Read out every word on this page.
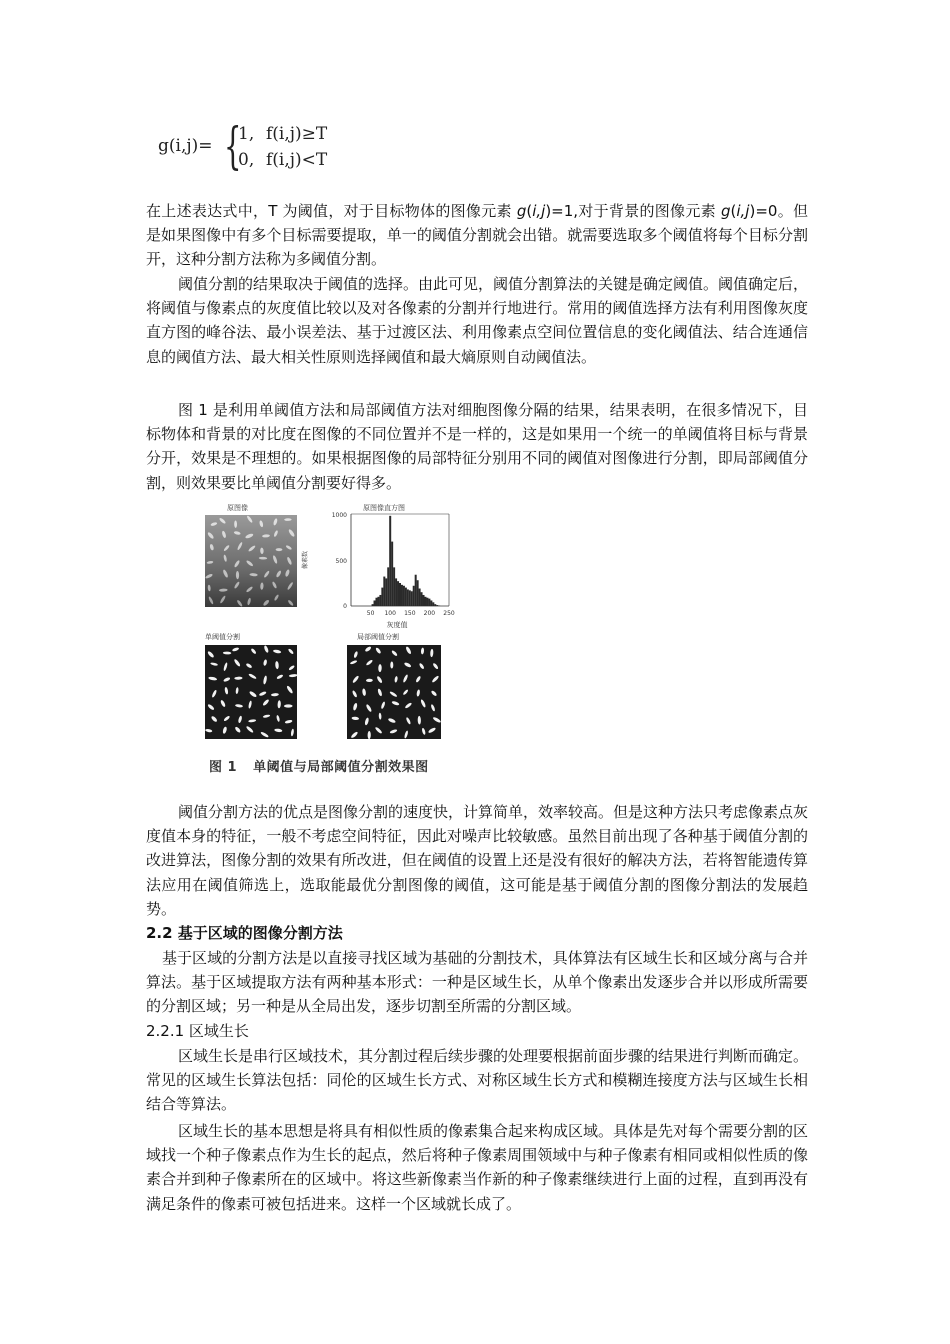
g(i,j)= {
1, f(i,j)≥T
0, f(i,j)<T
在上述表达式中，T 为阈值，对于目标物体的图像元素 g(i,j)=1,对于背景的图像元素 g(i,j)=0。但是如果图像中有多个目标需要提取，单一的阈值分割就会出错。就需要选取多个阈值将每个目标分割开，这种分割方法称为多阈值分割。
阈值分割的结果取决于阈值的选择。由此可见，阈值分割算法的关键是确定阈值。阈值确定后，将阈值与像素点的灰度值比较以及对各像素的分割并行地进行。常用的阈值选择方法有利用图像灰度直方图的峰谷法、最小误差法、基于过渡区法、利用像素点空间位置信息的变化阈值法、结合连通信息的阈值方法、最大相关性原则选择阈值和最大熵原则自动阈值法。
图 1 是利用单阈值方法和局部阈值方法对细胞图像分隔的结果，结果表明，在很多情况下，目标物体和背景的对比度在图像的不同位置并不是一样的，这是如果用一个统一的单阈值将目标与背景分开，效果是不理想的。如果根据图像的局部特征分别用不同的阈值对图像进行分割，即局部阈值分割，则效果要比单阈值分割要好得多。
原图像	原图像直方图
单阈值分割	局部阈值分割
1000
500
0
50 100 150 200 250
灰度值
像素数
图 1 单阈值与局部阈值分割效果图
阈值分割方法的优点是图像分割的速度快，计算简单，效率较高。但是这种方法只考虑像素点灰度值本身的特征，一般不考虑空间特征，因此对噪声比较敏感。虽然目前出现了各种基于阈值分割的改进算法，图像分割的效果有所改进，但在阈值的设置上还是没有很好的解决方法，若将智能遗传算法应用在阈值筛选上，选取能最优分割图像的阈值，这可能是基于阈值分割的图像分割法的发展趋势。
2.2 基于区域的图像分割方法
基于区域的分割方法是以直接寻找区域为基础的分割技术，具体算法有区域生长和区域分离与合并算法。基于区域提取方法有两种基本形式：一种是区域生长，从单个像素出发逐步合并以形成所需要的分割区域；另一种是从全局出发，逐步切割至所需的分割区域。
2.2.1 区域生长
区域生长是串行区域技术，其分割过程后续步骤的处理要根据前面步骤的结果进行判断而确定。常见的区域生长算法包括：同伦的区域生长方式、对称区域生长方式和模糊连接度方法与区域生长相结合等算法。
区域生长的基本思想是将具有相似性质的像素集合起来构成区域。具体是先对每个需要分割的区域找一个种子像素点作为生长的起点，然后将种子像素周围领域中与种子像素有相同或相似性质的像素合并到种子像素所在的区域中。将这些新像素当作新的种子像素继续进行上面的过程，直到再没有满足条件的像素可被包括进来。这样一个区域就长成了。
